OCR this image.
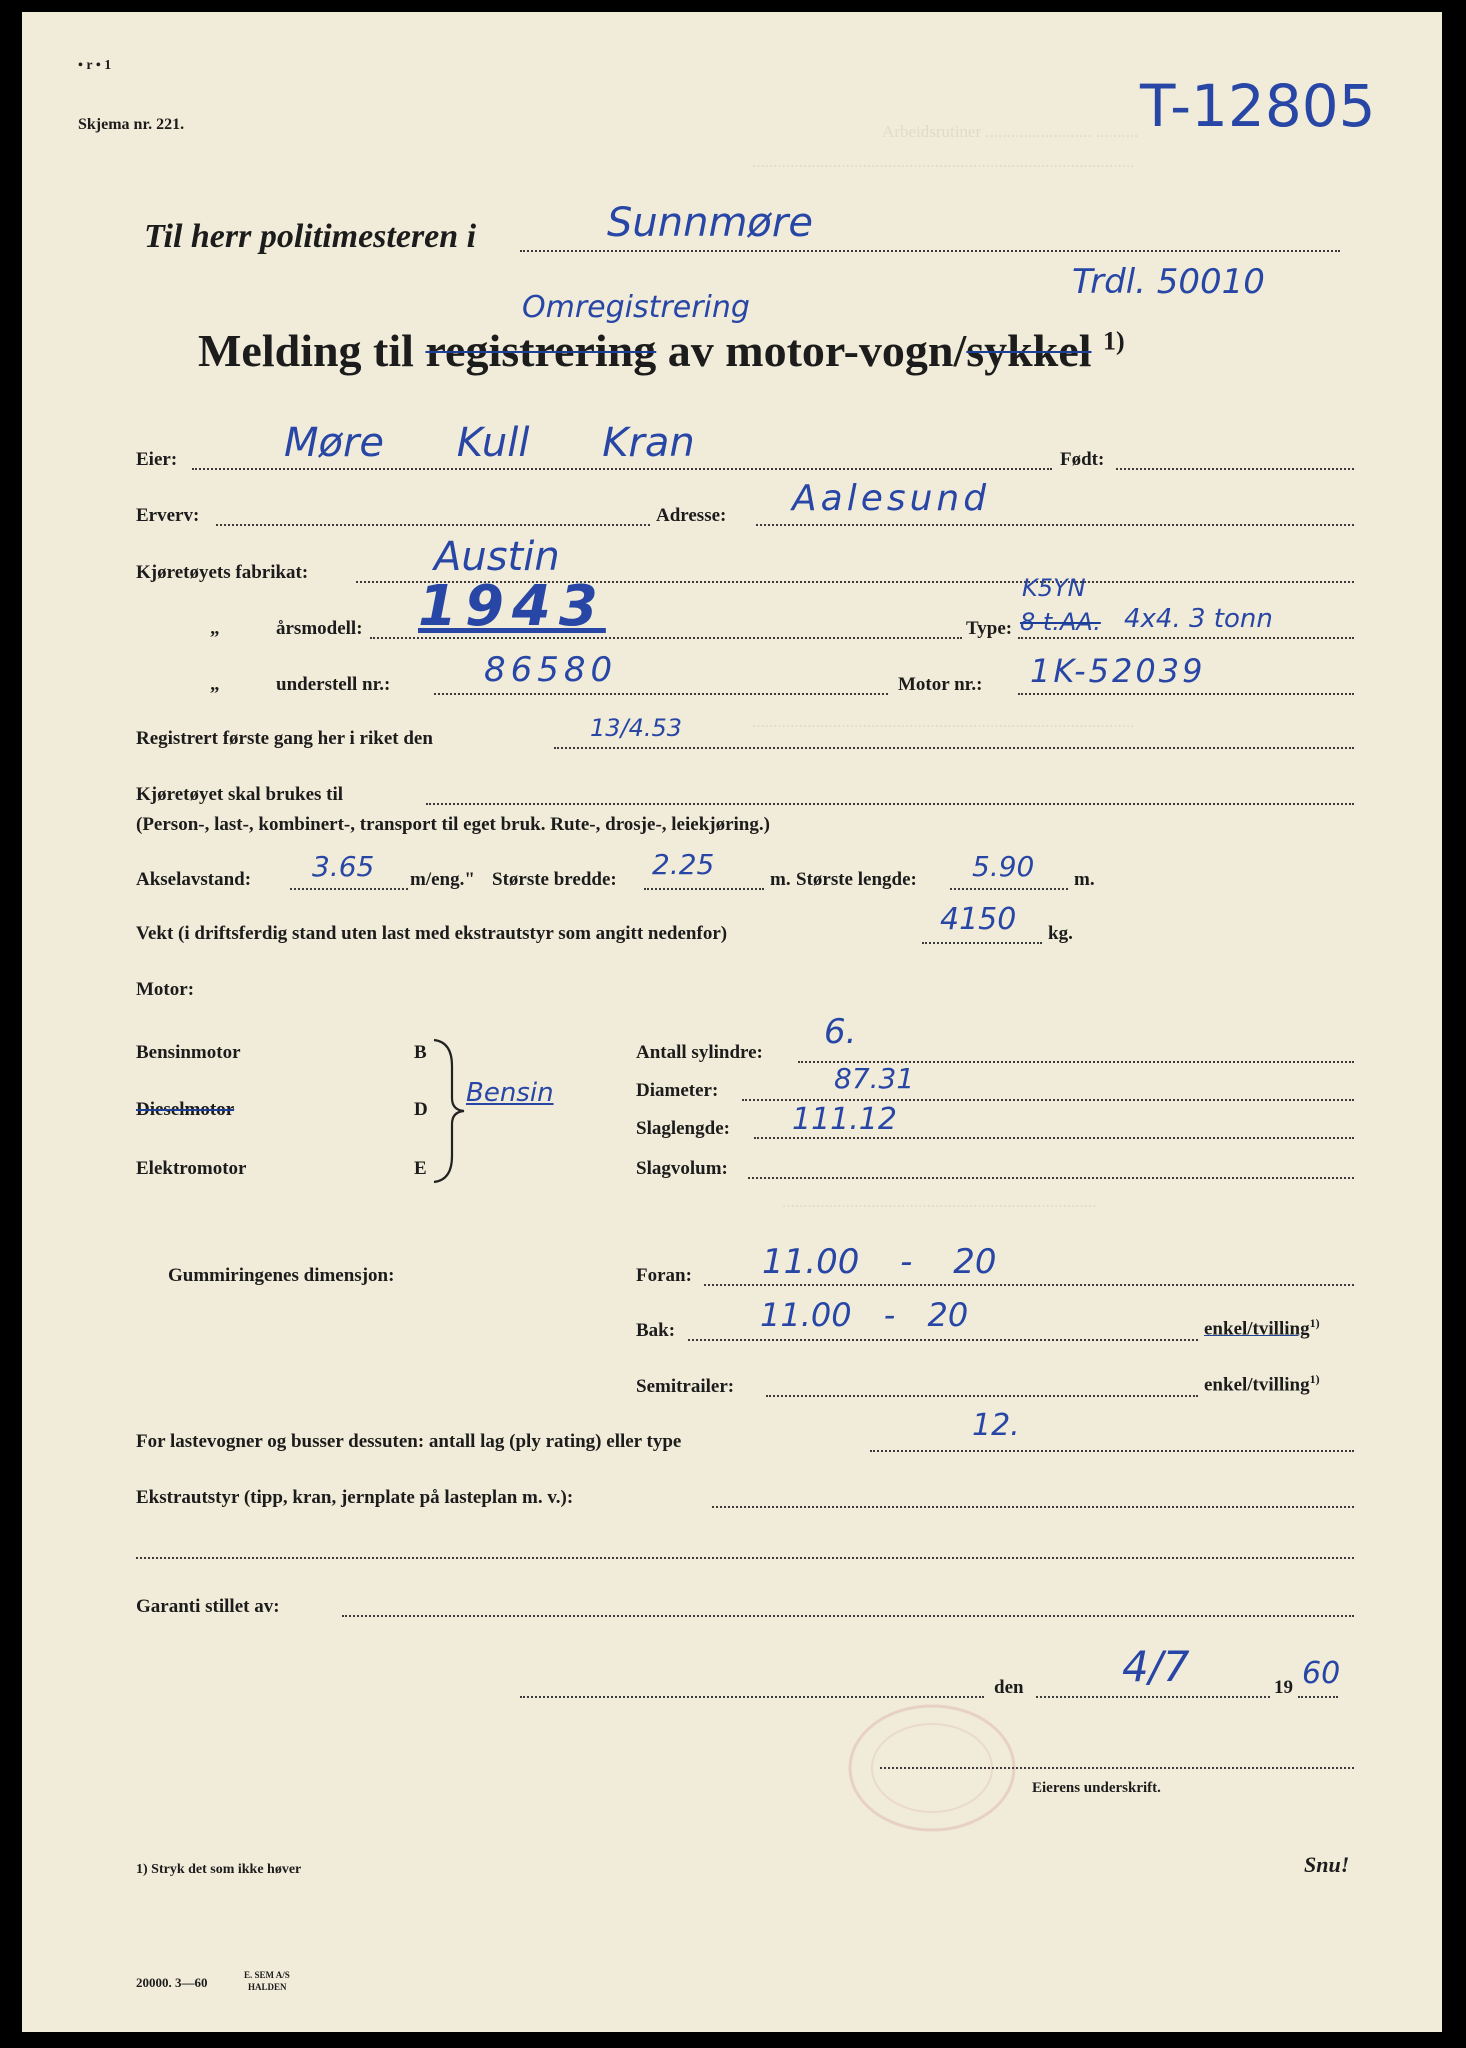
Arbeidsrutiner ......................... ..........
..........................................................................................
..........................................................................................
..........................................................................
• r • 1
Skjema nr. 221.	T-12805
Til herr politimesteren i	Sunnmøre
Trdl. 50010
Omregistrering
Melding til registrering av motor-vogn/sykkel $^{1)}$
Eier:	Møre Kull Kran	Født:
Erverv:	Adresse: Aalesund
Kjøretøyets fabrikat:	Austin
„	årsmodell: 1943	Type:
K5YN
8 t.AA. 4x4. 3 tonn
„	understell nr.:	86580	Motor nr.: 1K-52039
Registrert første gang her i riket den	13/4.53
Kjøretøyet skal brukes til
(Person-, last-, kombinert-, transport til eget bruk. Rute-, drosje-, leiekjøring.)
Akselavstand: 3.65 m/eng." Største bredde: 2.25	m. Største lengde: 5.90 m.
Vekt (i driftsferdig stand uten last med ekstrautstyr som angitt nedenfor)	4150 kg.
Motor:
Bensinmotor	B
Dieselmotor	D
Elektromotor	E
Bensin
Antall sylindre:
6.
Diameter:	87.31
Slaglengde: 111.12
Slagvolum:
Gummiringenes dimensjon:	Foran: 11.00 - 20
Bak:	11.00 - 20	enkel/tvilling$^{1)}$
Semitrailer:	enkel/tvilling$^{1)}$
For lastevogner og busser dessuten: antall lag (ply rating) eller type	12.
Ekstrautstyr (tipp, kran, jernplate på lasteplan m. v.):
Garanti stillet av:
den 4/7	19 60
Eierens underskrift.
1) Stryk det som ikke høver	Snu!
20000. 3—60	E. SEM A/S
HALDEN
